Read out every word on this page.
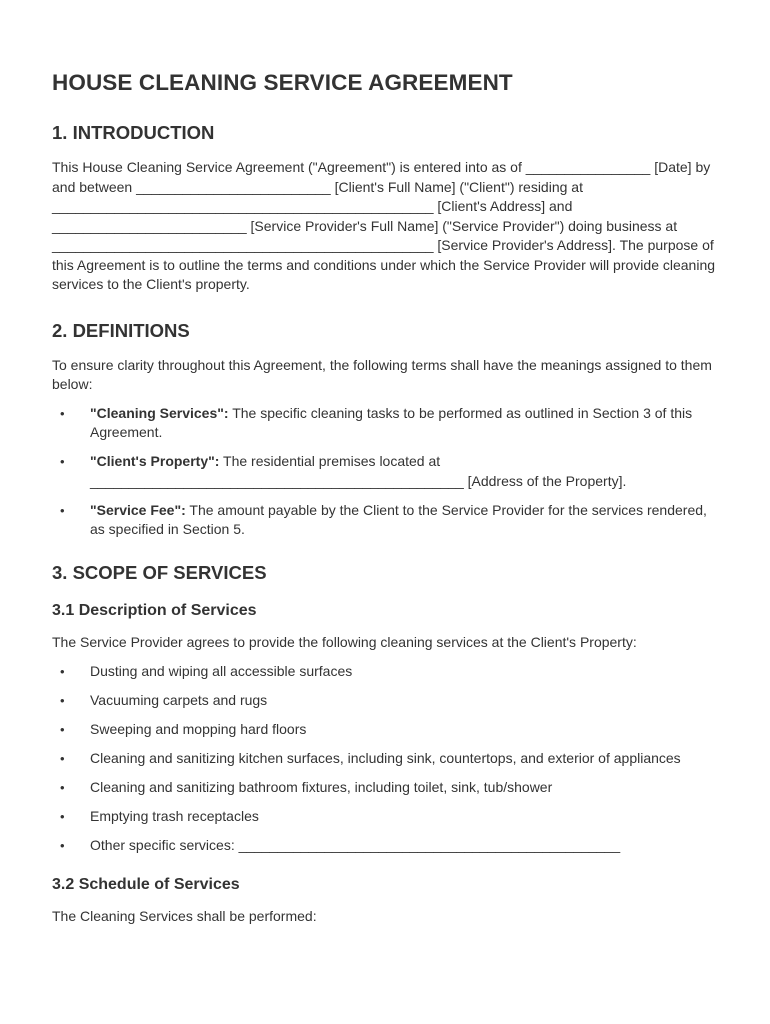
HOUSE CLEANING SERVICE AGREEMENT
1. INTRODUCTION

This House Cleaning Service Agreement ("Agreement") is entered into as of ________________ [Date] by and between _________________________ [Client's Full Name] ("Client") residing at _________________________________________________ [Client's Address] and _________________________ [Service Provider's Full Name] ("Service Provider") doing business at _________________________________________________ [Service Provider's Address]. The purpose of this Agreement is to outline the terms and conditions under which the Service Provider will provide cleaning services to the Client's property.

2. DEFINITIONS

To ensure clarity throughout this Agreement, the following terms shall have the meanings assigned to them below:

• "Cleaning Services": The specific cleaning tasks to be performed as outlined in Section 3 of this Agreement.
• "Client's Property": The residential premises located at ________________________________________________ [Address of the Property].
• "Service Fee": The amount payable by the Client to the Service Provider for the services rendered, as specified in Section 5.
3. SCOPE OF SERVICES
3.1 Description of Services

The Service Provider agrees to provide the following cleaning services at the Client's Property:

• Dusting and wiping all accessible surfaces
• Vacuuming carpets and rugs
• Sweeping and mopping hard floors
• Cleaning and sanitizing kitchen surfaces, including sink, countertops, and exterior of appliances
• Cleaning and sanitizing bathroom fixtures, including toilet, sink, tub/shower
• Emptying trash receptacles
• Other specific services: _________________________________________________
3.2 Schedule of Services

The Cleaning Services shall be performed:
